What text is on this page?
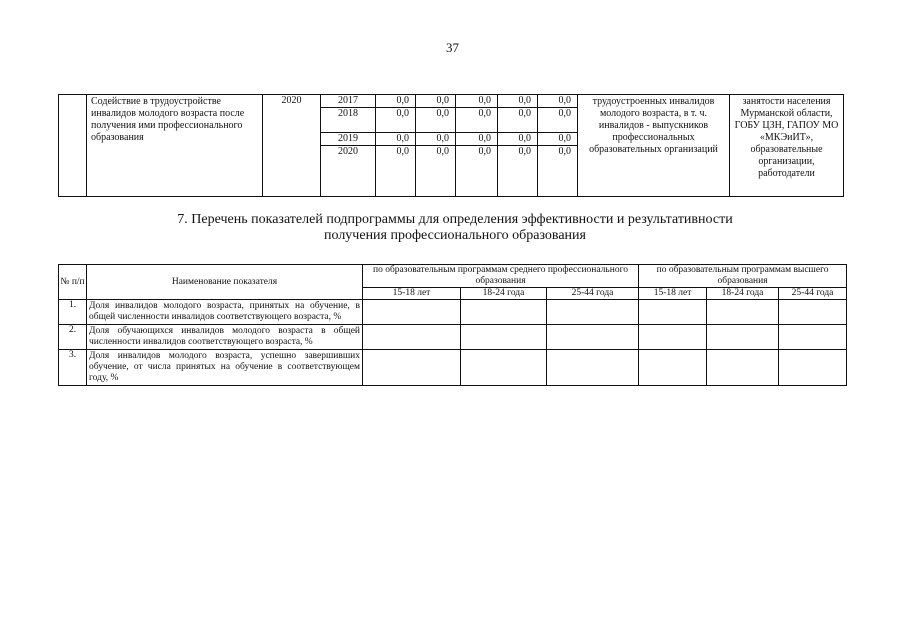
37
	Содействие в трудоустройстве инвалидов молодого возраста после получения ими профессионального образования	2020	2017	0,0	0,0	0,0	0,0	0,0	трудоустроенных инвалидов молодого возраста, в т. ч. инвалидов - выпускников профессиональных образовательных организаций	занятости населения Мурманской области, ГОБУ ЦЗН, ГАПОУ МО «МКЭиИТ», образовательные организации, работодатели
			2018	0,0	0,0	0,0	0,0	0,0		
			2019	0,0	0,0	0,0	0,0	0,0		
			2020	0,0	0,0	0,0	0,0	0,0		
7. Перечень показателей подпрограммы для определения эффективности и результативности
получения профессионального образования
№ п/п	Наименование показателя	по образовательным программам среднего профессионального образования			по образовательным программам высшего образования		
		15-18 лет	18-24 года	25-44 года	15-18 лет	18-24 года	25-44 года
1.	Доля инвалидов молодого возраста, принятых на обучение, в общей численности инвалидов соответствующего возраста, %						
2.	Доля обучающихся инвалидов молодого возраста в общей численности инвалидов соответствующего возраста, %						
3.	Доля инвалидов молодого возраста, успешно завершивших обучение, от числа принятых на обучение в соответствующем году, %						
